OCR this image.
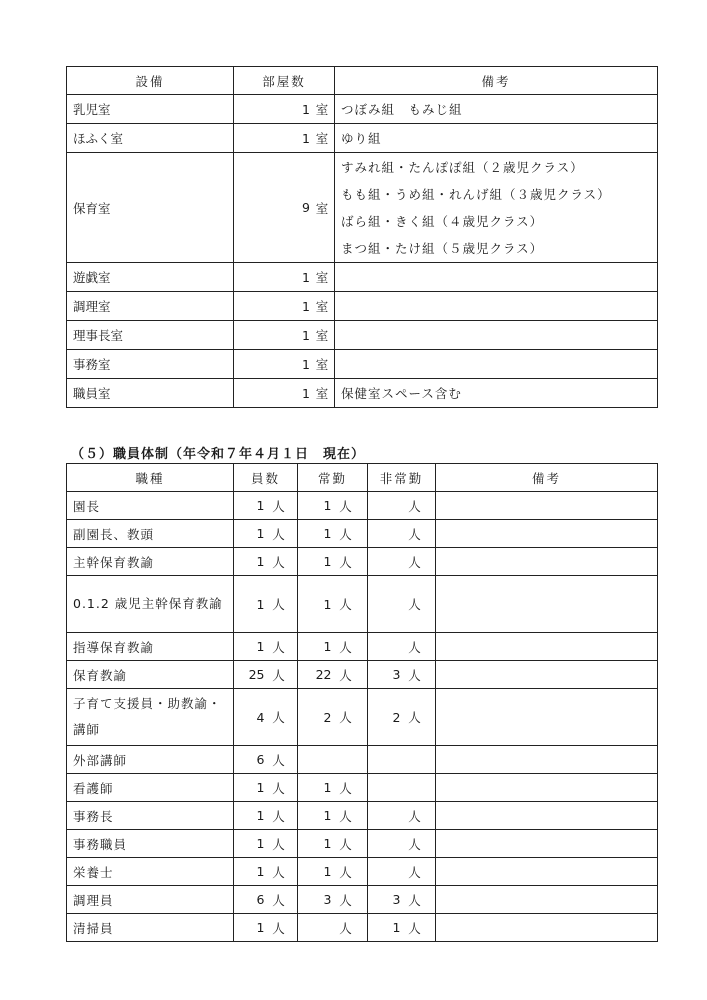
設備	部屋数	備考
乳児室	1 室	つぼみ組　もみじ組

ほふく室	1 室	ゆり組

保育室	9 室	すみれ組・たんぽぽ組（２歳児クラス）
もも組・うめ組・れんげ組（３歳児クラス）
ばら組・きく組（４歳児クラス）
まつ組・たけ組（５歳児クラス）

遊戯室	1 室	

調理室	1 室	

理事長室	1 室	

事務室	1 室	

職員室	1 室	保健室スペース含む
（５）職員体制（年令和７年４月１日　現在）
職種	員数	常勤	非常勤	備考
園長	1 人	1 人	人	

副園長、教頭	1 人	1 人	人	

主幹保育教諭	1 人	1 人	人	

0.1.2 歳児主幹保育教諭	1 人	1 人	人	

指導保育教諭	1 人	1 人	人	

保育教諭	25 人	22 人	3 人	

子育て支援員・助教諭・講師	4 人	2 人	2 人	

外部講師	6 人			

看護師	1 人	1 人		

事務長	1 人	1 人	人	

事務職員	1 人	1 人	人	

栄養士	1 人	1 人	人	

調理員	6 人	3 人	3 人	

清掃員	1 人	人	1 人	
